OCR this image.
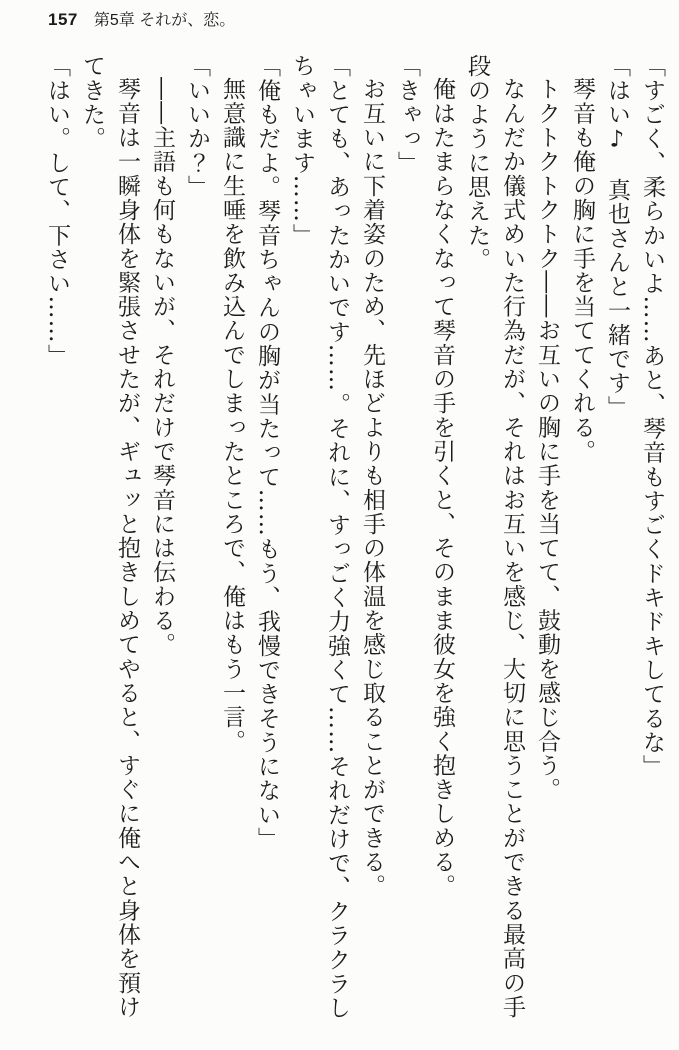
157 第5章 それが、恋。

「すごく、柔らかいよ……あと、琴音もすごくドキドキしてるな」

「はい♪　真也さんと一緒です」

琴音も俺の胸に手を当ててくれる。

トクトクトクトク――お互いの胸に手を当てて、鼓動を感じ合う。

なんだか儀式めいた行為だが、それはお互いを感じ、大切に思うことができる最高の手段のように思えた。

俺はたまらなくなって琴音の手を引くと、そのまま彼女を強く抱きしめる。

「きゃっ」

お互いに下着姿のため、先ほどよりも相手の体温を感じ取ることができる。

「とても、あったかいです……。それに、すっごく力強くて……それだけで、クラクラしちゃいます……」

「俺もだよ。琴音ちゃんの胸が当たって……もう、我慢できそうにない」

無意識に生唾を飲み込んでしまったところで、俺はもう一言。

「いいか？」

――主語も何もないが、それだけで琴音には伝わる。

琴音は一瞬身体を緊張させたが、ギュッと抱きしめてやると、すぐに俺へと身体を預けてきた。

「はい。して、下さい……」
